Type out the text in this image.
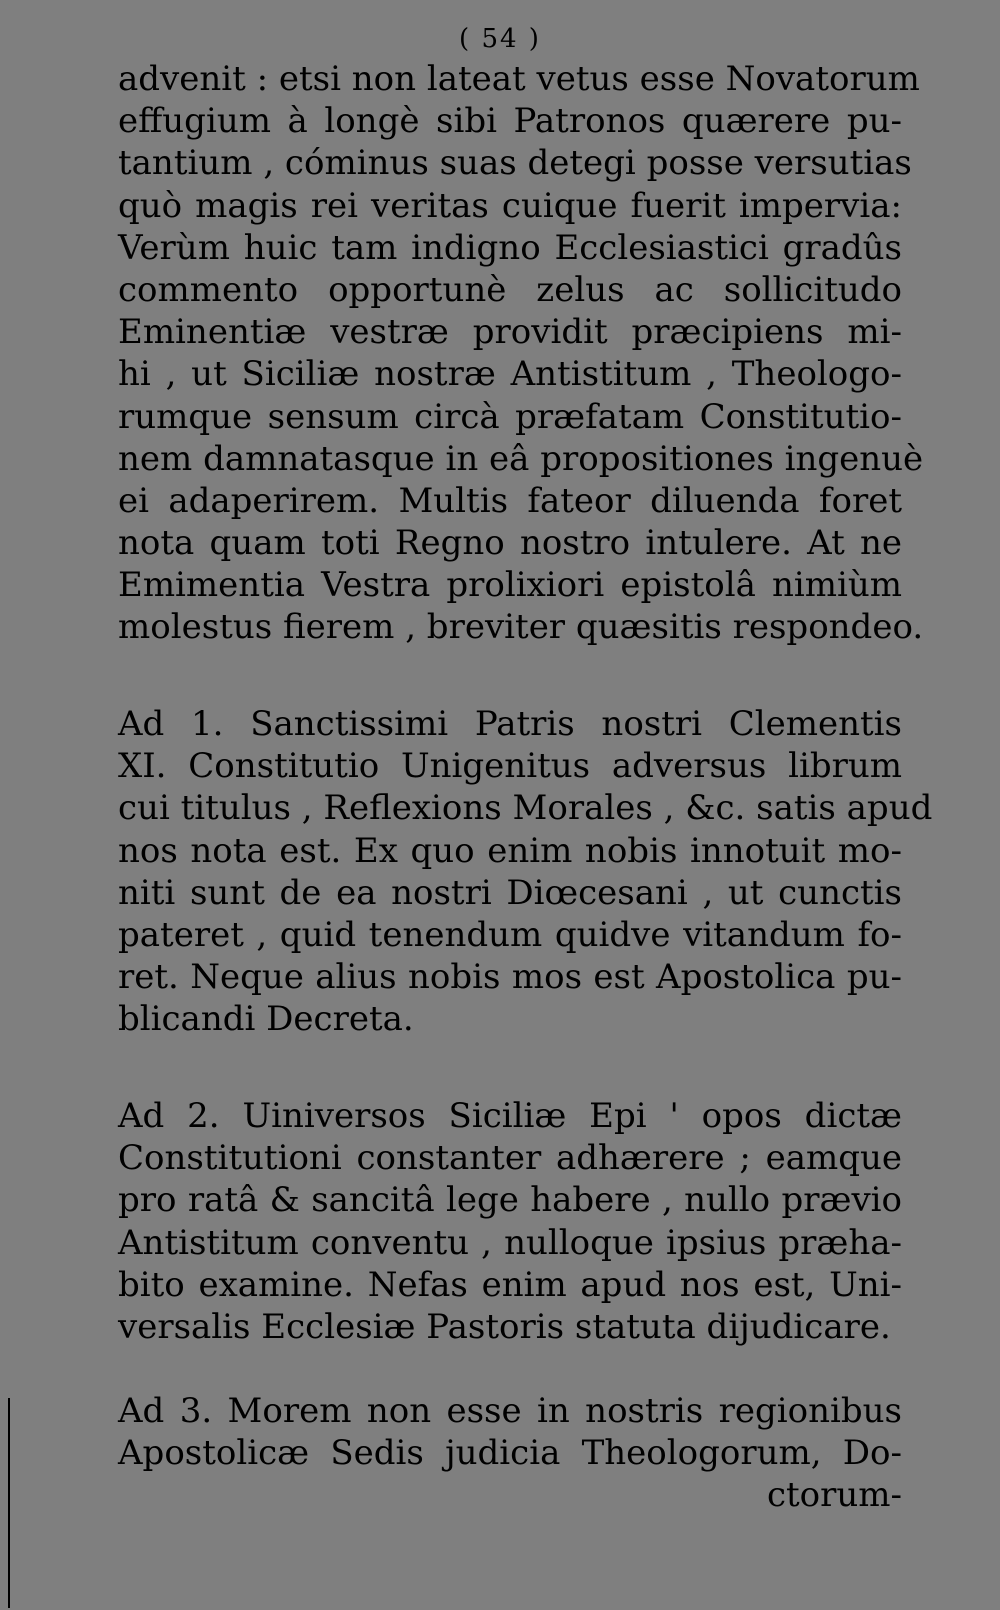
( 54 )
advenit : etsi non lateat vetus esse Novatorum
effugium à longè sibi Patronos quærere pu-
tantium , cóminus suas detegi posse versutias
quò magis rei veritas cuique fuerit impervia:
Verùm huic tam indigno Ecclesiastici gradûs
commento opportunè zelus ac sollicitudo
Eminentiæ vestræ providit præcipiens mi-
hi , ut Siciliæ nostræ Antistitum , Theologo-
rumque sensum circà præfatam Constitutio-
nem damnatasque in eâ propositiones ingenuè
ei adaperirem. Multis fateor diluenda foret
nota quam toti Regno nostro intulere. At ne
Emimentia Vestra prolixiori epistolâ nimiùm
molestus fierem , breviter quæsitis respondeo.
Ad 1. Sanctissimi Patris nostri Clementis
XI. Constitutio Unigenitus adversus librum
cui titulus , Reflexions Morales , &c. satis apud
nos nota est. Ex quo enim nobis innotuit mo-
niti sunt de ea nostri Diœcesani , ut cunctis
pateret , quid tenendum quidve vitandum fo-
ret. Neque alius nobis mos est Apostolica pu-
blicandi Decreta.
Ad 2. Uiniversos Siciliæ Epi ' opos dictæ
Constitutioni constanter adhærere ; eamque
pro ratâ & sancitâ lege habere , nullo prævio
Antistitum conventu , nulloque ipsius præha-
bito examine. Nefas enim apud nos est, Uni-
versalis Ecclesiæ Pastoris statuta dijudicare.
Ad 3. Morem non esse in nostris regionibus
Apostolicæ Sedis judicia Theologorum, Do-
ctorum-
